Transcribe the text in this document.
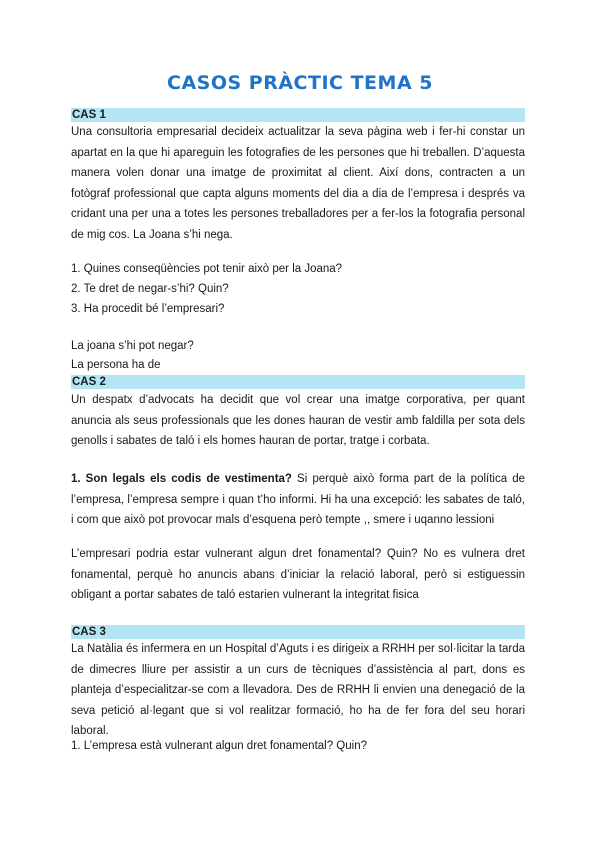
CASOS PRÀCTIC TEMA 5
CAS 1

Una consultoria empresarial decideix actualitzar la seva pàgina web i fer-hi constar un apartat en la que hi apareguin les fotografies de les persones que hi treballen. D’aquesta manera volen donar una imatge de proximitat al client. Així dons, contracten a un fotògraf professional que capta alguns moments del dia a dia de l’empresa i després va cridant una per una a totes les persones treballadores per a fer-los la fotografia personal de mig cos. La Joana s’hi nega.

1. Quines conseqüències pot tenir això per la Joana?
2. Te dret de negar-s’hi? Quin?
3. Ha procedit bé l’empresari?
La joana s’hi pot negar?
La persona ha de
CAS 2

Un despatx d’advocats ha decidit que vol crear una imatge corporativa, per quant anuncia als seus professionals que les dones hauran de vestir amb faldilla per sota dels genolls i sabates de taló i els homes hauran de portar, tratge i corbata.

1. Son legals els codis de vestimenta? Si perquè això forma part de la política de l’empresa, l’empresa sempre i quan t’ho informi. Hi ha una excepció: les sabates de taló, i com que això pot provocar mals d’esquena però tempte ,, smere i uqanno lessioni

L’empresari podria estar vulnerant algun dret fonamental? Quin? No es vulnera dret fonamental, perquè ho anuncis abans d’iniciar la relació laboral, però si estiguessin obligant a portar sabates de taló estarien vulnerant la integritat fisica

CAS 3

La Natàlia és infermera en un Hospital d’Aguts i es dirigeix a RRHH per sol·licitar la tarda de dimecres lliure per assistir a un curs de tècniques d’assistència al part, dons es planteja d’especialitzar-se com a llevadora. Des de RRHH li envien una denegació de la seva petició al·legant que si vol realitzar formació, ho ha de fer fora del seu horari laboral.

1. L’empresa està vulnerant algun dret fonamental? Quin?
